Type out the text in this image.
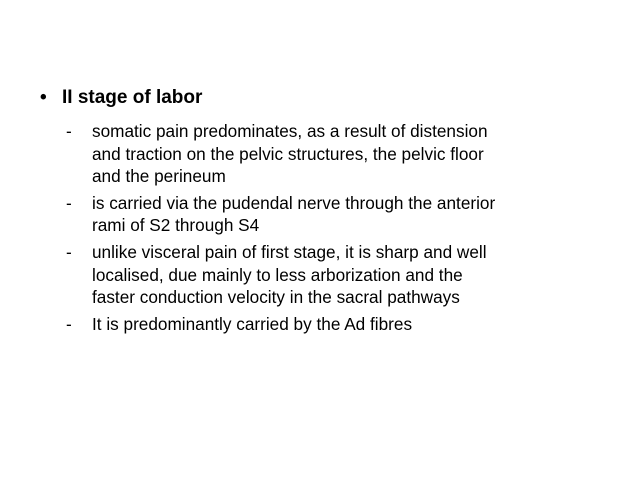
• II stage of labor
-	somatic pain predominates, as a result of distension
and traction on the pelvic structures, the pelvic floor
and the perineum
-	is carried via the pudendal nerve through the anterior
rami of S2 through S4
-	unlike visceral pain of first stage, it is sharp and well
localised, due mainly to less arborization and the
faster conduction velocity in the sacral pathways
-	It is predominantly carried by the Ad fibres
